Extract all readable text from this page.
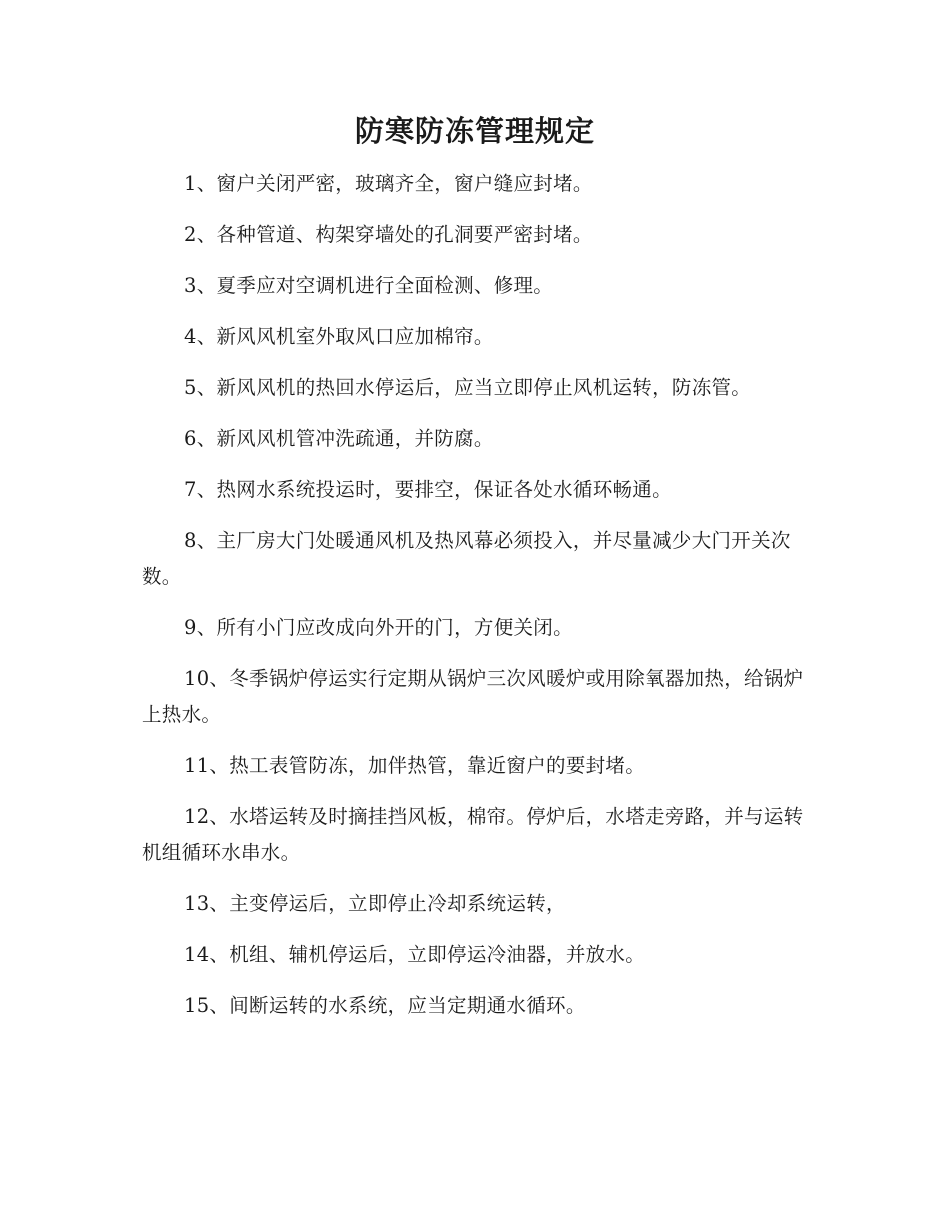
防寒防冻管理规定
1、窗户关闭严密，玻璃齐全，窗户缝应封堵。
2、各种管道、构架穿墙处的孔洞要严密封堵。
3、夏季应对空调机进行全面检测、修理。
4、新风风机室外取风口应加棉帘。
5、新风风机的热回水停运后，应当立即停止风机运转，防冻管。
6、新风风机管冲洗疏通，并防腐。
7、热网水系统投运时，要排空，保证各处水循环畅通。
8、主厂房大门处暖通风机及热风幕必须投入，并尽量减少大门开关次数。
9、所有小门应改成向外开的门，方便关闭。
10、冬季锅炉停运实行定期从锅炉三次风暖炉或用除氧器加热，给锅炉上热水。
11、热工表管防冻，加伴热管，靠近窗户的要封堵。
12、水塔运转及时摘挂挡风板，棉帘。停炉后，水塔走旁路，并与运转机组循环水串水。
13、主变停运后，立即停止冷却系统运转，
14、机组、辅机停运后，立即停运冷油器，并放水。
15、间断运转的水系统，应当定期通水循环。
